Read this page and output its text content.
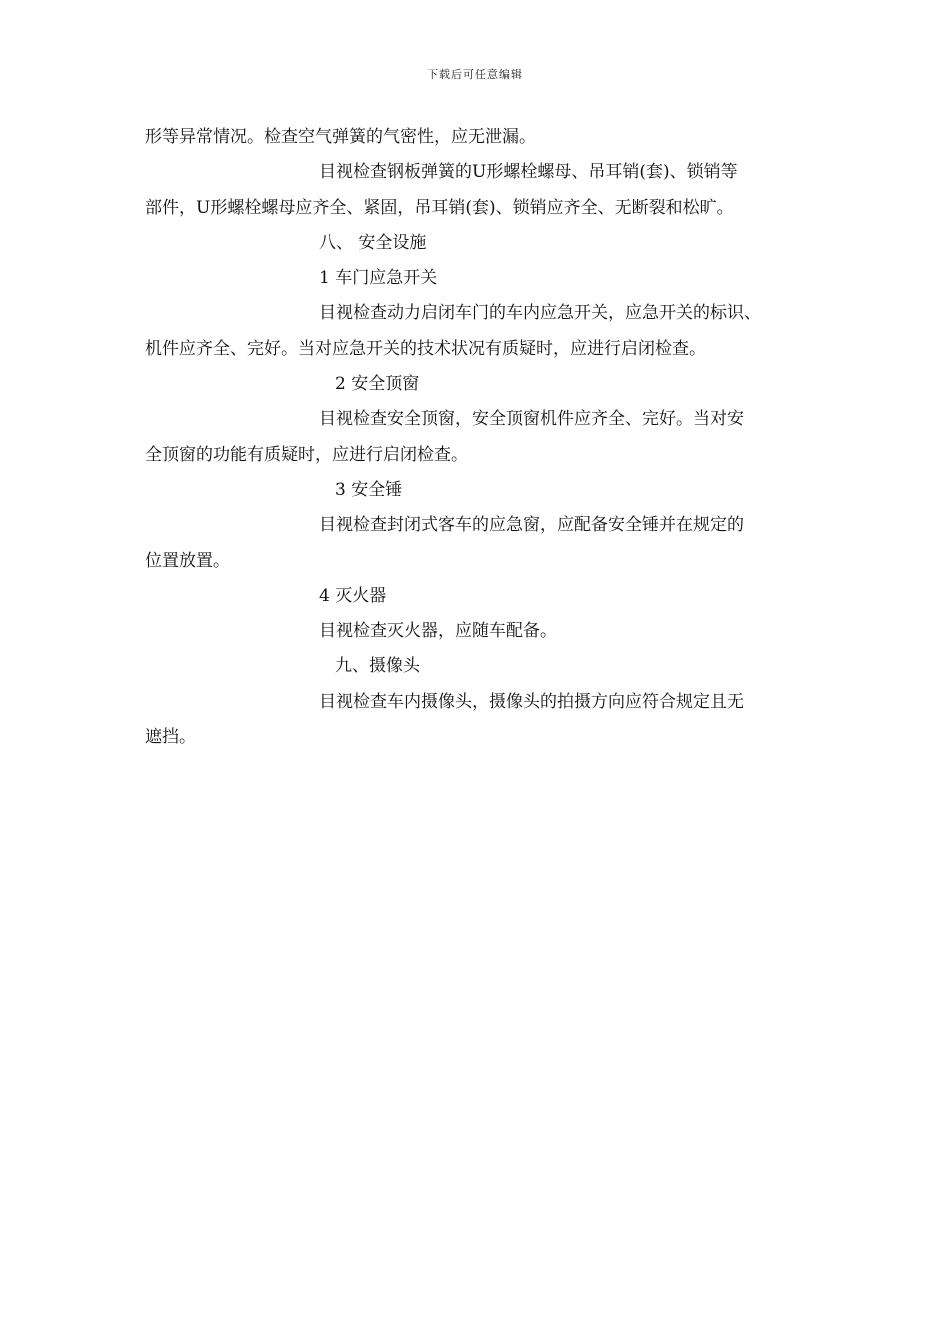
下载后可任意编辑
形等异常情况。检查空气弹簧的气密性，应无泄漏。
目视检查钢板弹簧的U形螺栓螺母、吊耳销(套)、锁销等
部件，U形螺栓螺母应齐全、紧固，吊耳销(套)、锁销应齐全、无断裂和松旷。
八、 安全设施
1 车门应急开关
目视检查动力启闭车门的车内应急开关，应急开关的标识、
机件应齐全、完好。当对应急开关的技术状况有质疑时，应进行启闭检查。
2 安全顶窗
目视检查安全顶窗，安全顶窗机件应齐全、完好。当对安
全顶窗的功能有质疑时，应进行启闭检查。
3 安全锤
目视检查封闭式客车的应急窗，应配备安全锤并在规定的
位置放置。
4 灭火器
目视检查灭火器，应随车配备。
九、摄像头
目视检查车内摄像头，摄像头的拍摄方向应符合规定且无
遮挡。
